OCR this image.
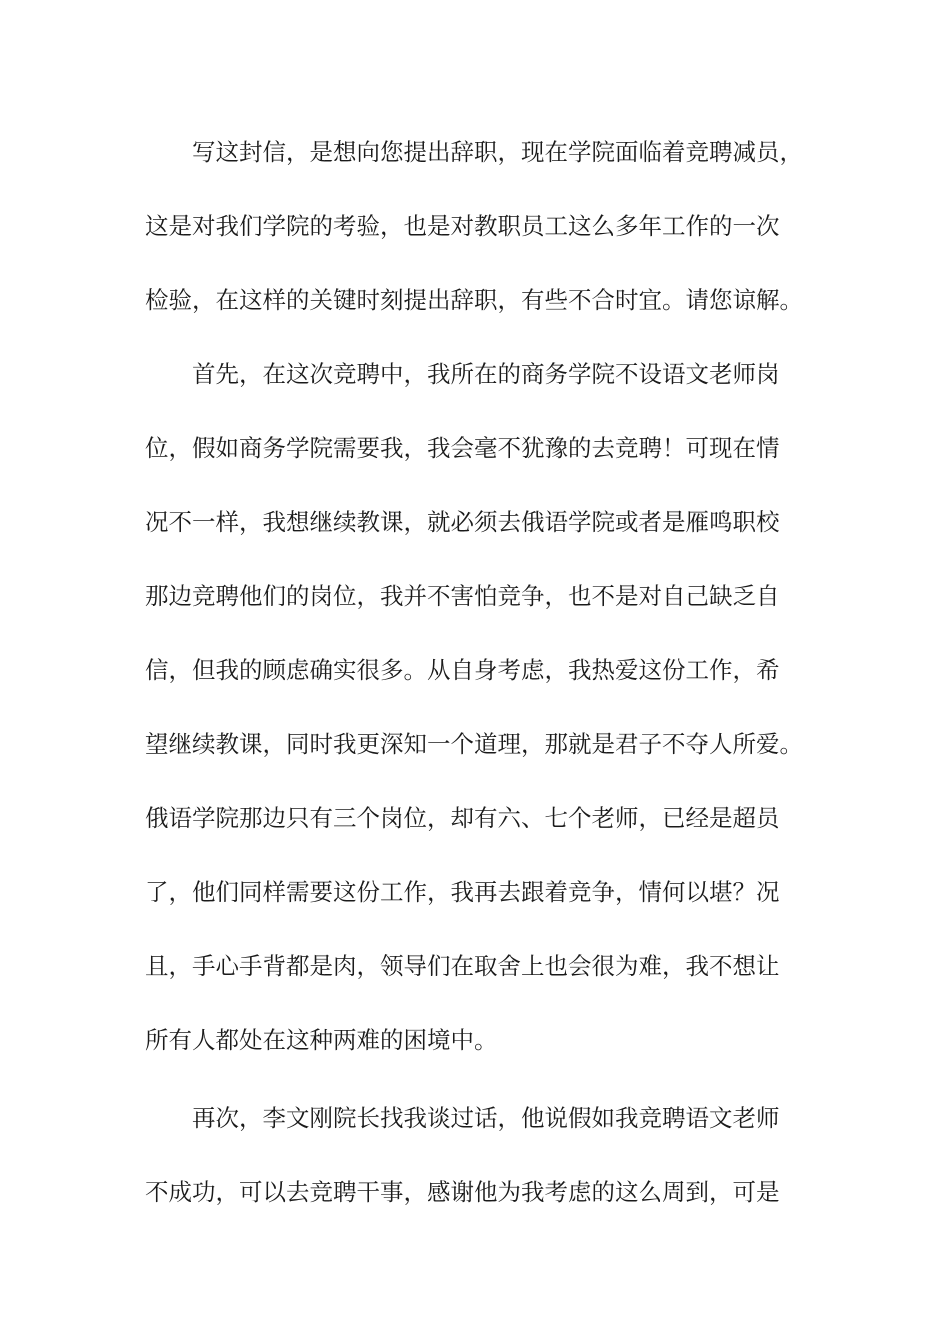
写这封信，是想向您提出辞职，现在学院面临着竞聘减员，
这是对我们学院的考验，也是对教职员工这么多年工作的一次
检验，在这样的关键时刻提出辞职，有些不合时宜。请您谅解。
首先，在这次竞聘中，我所在的商务学院不设语文老师岗
位，假如商务学院需要我，我会毫不犹豫的去竞聘！可现在情
况不一样，我想继续教课，就必须去俄语学院或者是雁鸣职校
那边竞聘他们的岗位，我并不害怕竞争，也不是对自己缺乏自
信，但我的顾虑确实很多。从自身考虑，我热爱这份工作，希
望继续教课，同时我更深知一个道理，那就是君子不夺人所爱。
俄语学院那边只有三个岗位，却有六、七个老师，已经是超员
了，他们同样需要这份工作，我再去跟着竞争，情何以堪？况
且，手心手背都是肉，领导们在取舍上也会很为难，我不想让
所有人都处在这种两难的困境中。
再次，李文刚院长找我谈过话，他说假如我竞聘语文老师
不成功，可以去竞聘干事，感谢他为我考虑的这么周到，可是
